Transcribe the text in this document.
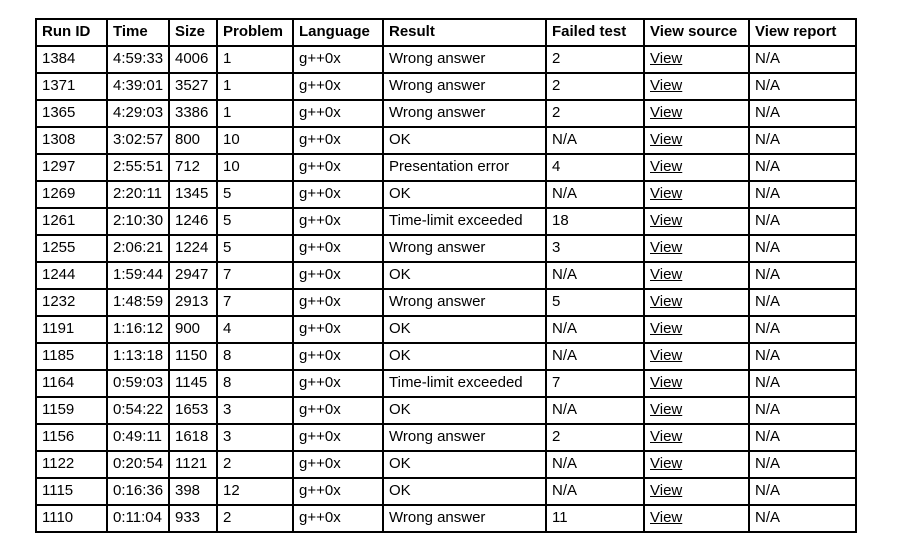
Run ID	Time	Size	Problem	Language	Result	Failed test	View source	View report
1384	4:59:33	4006	1	g++0x	Wrong answer	2	View	N/A
1371	4:39:01	3527	1	g++0x	Wrong answer	2	View	N/A
1365	4:29:03	3386	1	g++0x	Wrong answer	2	View	N/A
1308	3:02:57	800	10	g++0x	OK	N/A	View	N/A
1297	2:55:51	712	10	g++0x	Presentation error	4	View	N/A
1269	2:20:11	1345	5	g++0x	OK	N/A	View	N/A
1261	2:10:30	1246	5	g++0x	Time-limit exceeded	18	View	N/A
1255	2:06:21	1224	5	g++0x	Wrong answer	3	View	N/A
1244	1:59:44	2947	7	g++0x	OK	N/A	View	N/A
1232	1:48:59	2913	7	g++0x	Wrong answer	5	View	N/A
1191	1:16:12	900	4	g++0x	OK	N/A	View	N/A
1185	1:13:18	1150	8	g++0x	OK	N/A	View	N/A
1164	0:59:03	1145	8	g++0x	Time-limit exceeded	7	View	N/A
1159	0:54:22	1653	3	g++0x	OK	N/A	View	N/A
1156	0:49:11	1618	3	g++0x	Wrong answer	2	View	N/A
1122	0:20:54	1121	2	g++0x	OK	N/A	View	N/A
1115	0:16:36	398	12	g++0x	OK	N/A	View	N/A
1110	0:11:04	933	2	g++0x	Wrong answer	11	View	N/A
